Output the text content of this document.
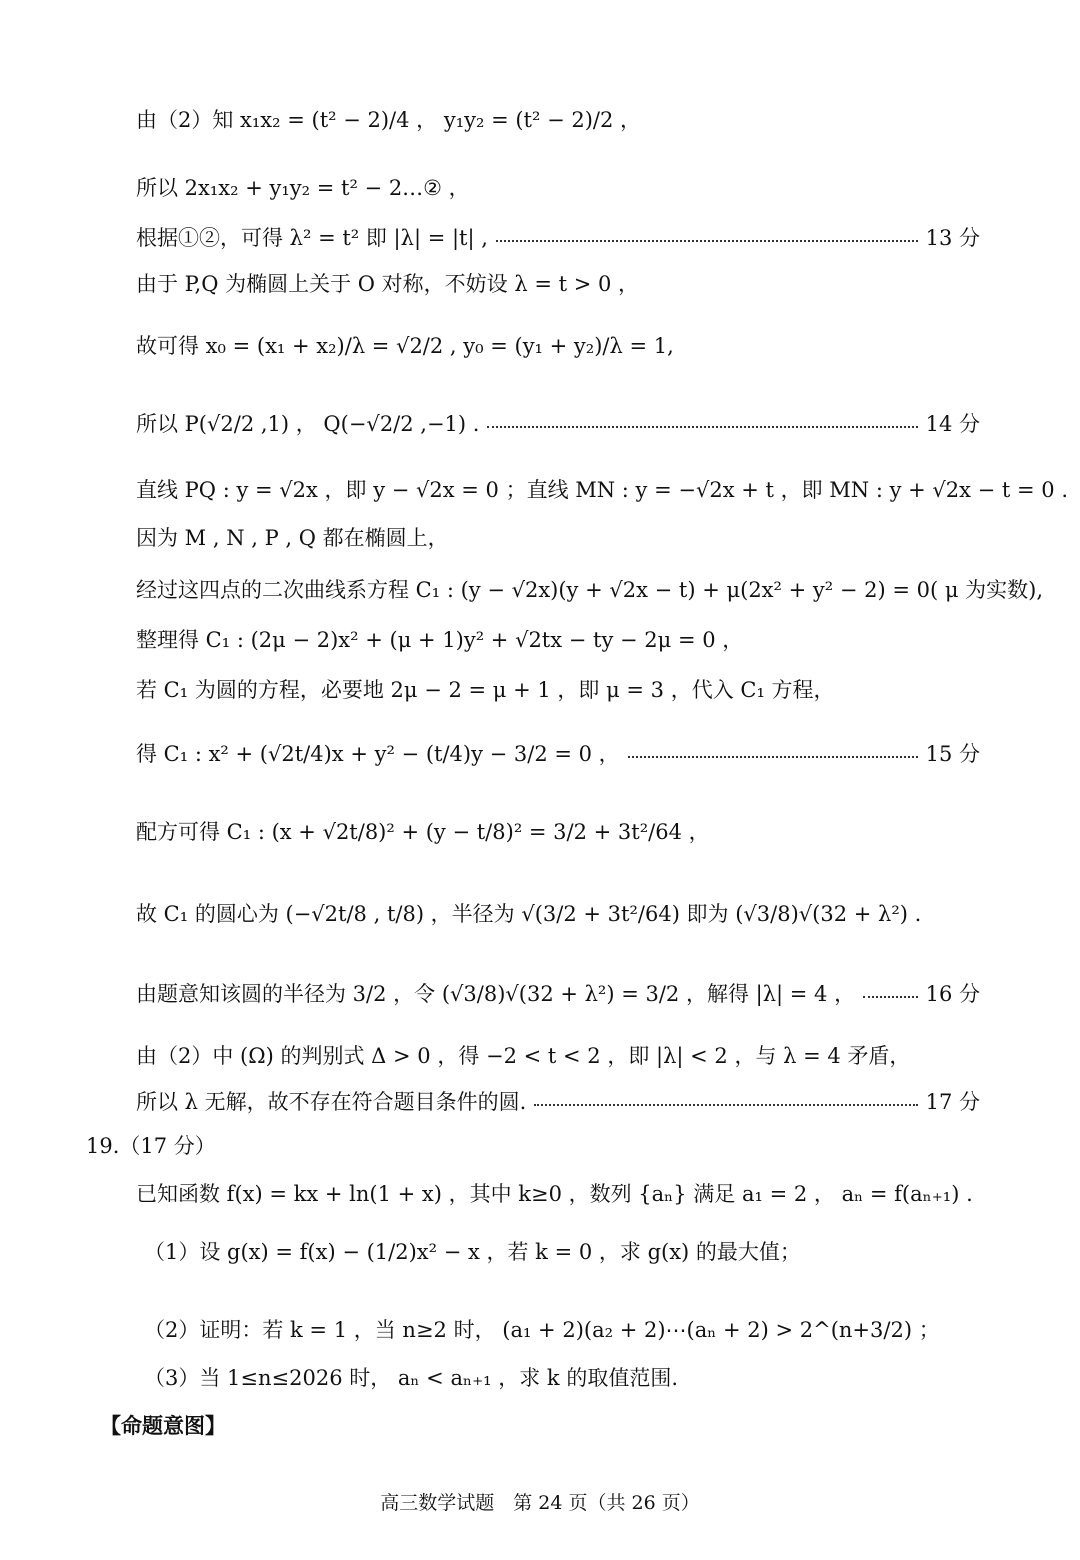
由（2）知 x₁x₂ = (t² − 2)/4 ， y₁y₂ = (t² − 2)/2 ，
所以 2x₁x₂ + y₁y₂ = t² − 2…② ，
根据①②，可得 λ² = t² 即 |λ| = |t| ,	13 分
由于 P,Q 为椭圆上关于 O 对称，不妨设 λ = t > 0 ，
故可得 x₀ = (x₁ + x₂)/λ = √2/2 , y₀ = (y₁ + y₂)/λ = 1,
所以 P(√2/2 ,1) ， Q(−√2/2 ,−1) .	14 分
直线 PQ : y = √2x ，即 y − √2x = 0 ；直线 MN : y = −√2x + t ，即 MN : y + √2x − t = 0 .
因为 M , N , P , Q 都在椭圆上，
经过这四点的二次曲线系方程 C₁ : (y − √2x)(y + √2x − t) + μ(2x² + y² − 2) = 0( μ 为实数),
整理得 C₁ : (2μ − 2)x² + (μ + 1)y² + √2tx − ty − 2μ = 0 ，
若 C₁ 为圆的方程，必要地 2μ − 2 = μ + 1 ，即 μ = 3 ，代入 C₁ 方程，
得 C₁ : x² + (√2t/4)x + y² − (t/4)y − 3/2 = 0 ，	15 分
配方可得 C₁ : (x + √2t/8)² + (y − t/8)² = 3/2 + 3t²/64 ，
故 C₁ 的圆心为 (−√2t/8 , t/8) ，半径为 √(3/2 + 3t²/64) 即为 (√3/8)√(32 + λ²) .
由题意知该圆的半径为 3/2 ，令 (√3/8)√(32 + λ²) = 3/2 ，解得 |λ| = 4 ，	16 分
由（2）中 (Ω) 的判别式 Δ > 0 ，得 −2 < t < 2 ，即 |λ| < 2 ，与 λ = 4 矛盾，
所以 λ 无解，故不存在符合题目条件的圆.	17 分
19.（17 分）
已知函数 f(x) = kx + ln(1 + x) ，其中 k≥0 ，数列 {aₙ} 满足 a₁ = 2 ， aₙ = f(aₙ₊₁) .
（1）设 g(x) = f(x) − (1/2)x² − x ，若 k = 0 ，求 g(x) 的最大值；
（2）证明：若 k = 1 ，当 n≥2 时， (a₁ + 2)(a₂ + 2)⋯(aₙ + 2) > 2^(n+3/2) ；
（3）当 1≤n≤2026 时， aₙ < aₙ₊₁ ，求 k 的取值范围.
【命题意图】
高三数学试题　第 24 页（共 26 页）
